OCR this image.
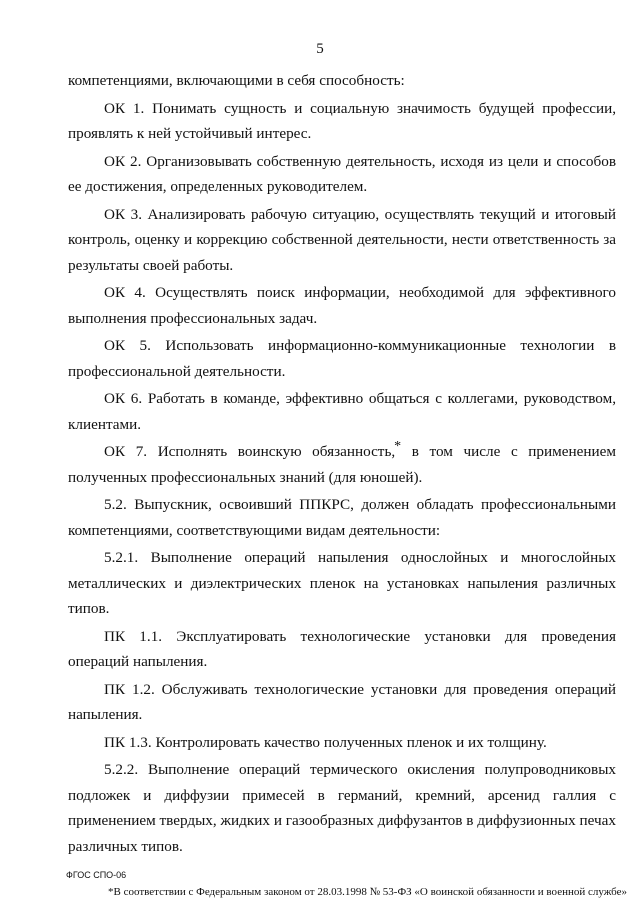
5

компетенциями, включающими в себя способность:

ОК 1. Понимать сущность и социальную значимость будущей профессии, проявлять к ней устойчивый интерес.

ОК 2. Организовывать собственную деятельность, исходя из цели и способов ее достижения, определенных руководителем.

ОК 3. Анализировать рабочую ситуацию, осуществлять текущий и итоговый контроль, оценку и коррекцию собственной деятельности, нести ответственность за результаты своей работы.

ОК 4. Осуществлять поиск информации, необходимой для эффективного выполнения профессиональных задач.

ОК 5. Использовать информационно-коммуникационные технологии в профессиональной деятельности.

ОК 6. Работать в команде, эффективно общаться с коллегами, руководством, клиентами.

ОК 7. Исполнять воинскую обязанность,* в том числе с применением полученных профессиональных знаний (для юношей).

5.2. Выпускник, освоивший ППКРС, должен обладать профессиональными компетенциями, соответствующими видам деятельности:

5.2.1. Выполнение операций напыления однослойных и многослойных металлических и диэлектрических пленок на установках напыления различных типов.

ПК 1.1. Эксплуатировать технологические установки для проведения операций напыления.

ПК 1.2. Обслуживать технологические установки для проведения операций напыления.

ПК 1.3. Контролировать качество полученных пленок и их толщину.

5.2.2. Выполнение операций термического окисления полупроводниковых подложек и диффузии примесей в германий, кремний, арсенид галлия с применением твердых, жидких и газообразных диффузантов в диффузионных печах различных типов.

ФГОС СПО-06
*В соответствии с Федеральным законом от 28.03.1998 № 53-ФЗ «О воинской обязанности и военной службе»
